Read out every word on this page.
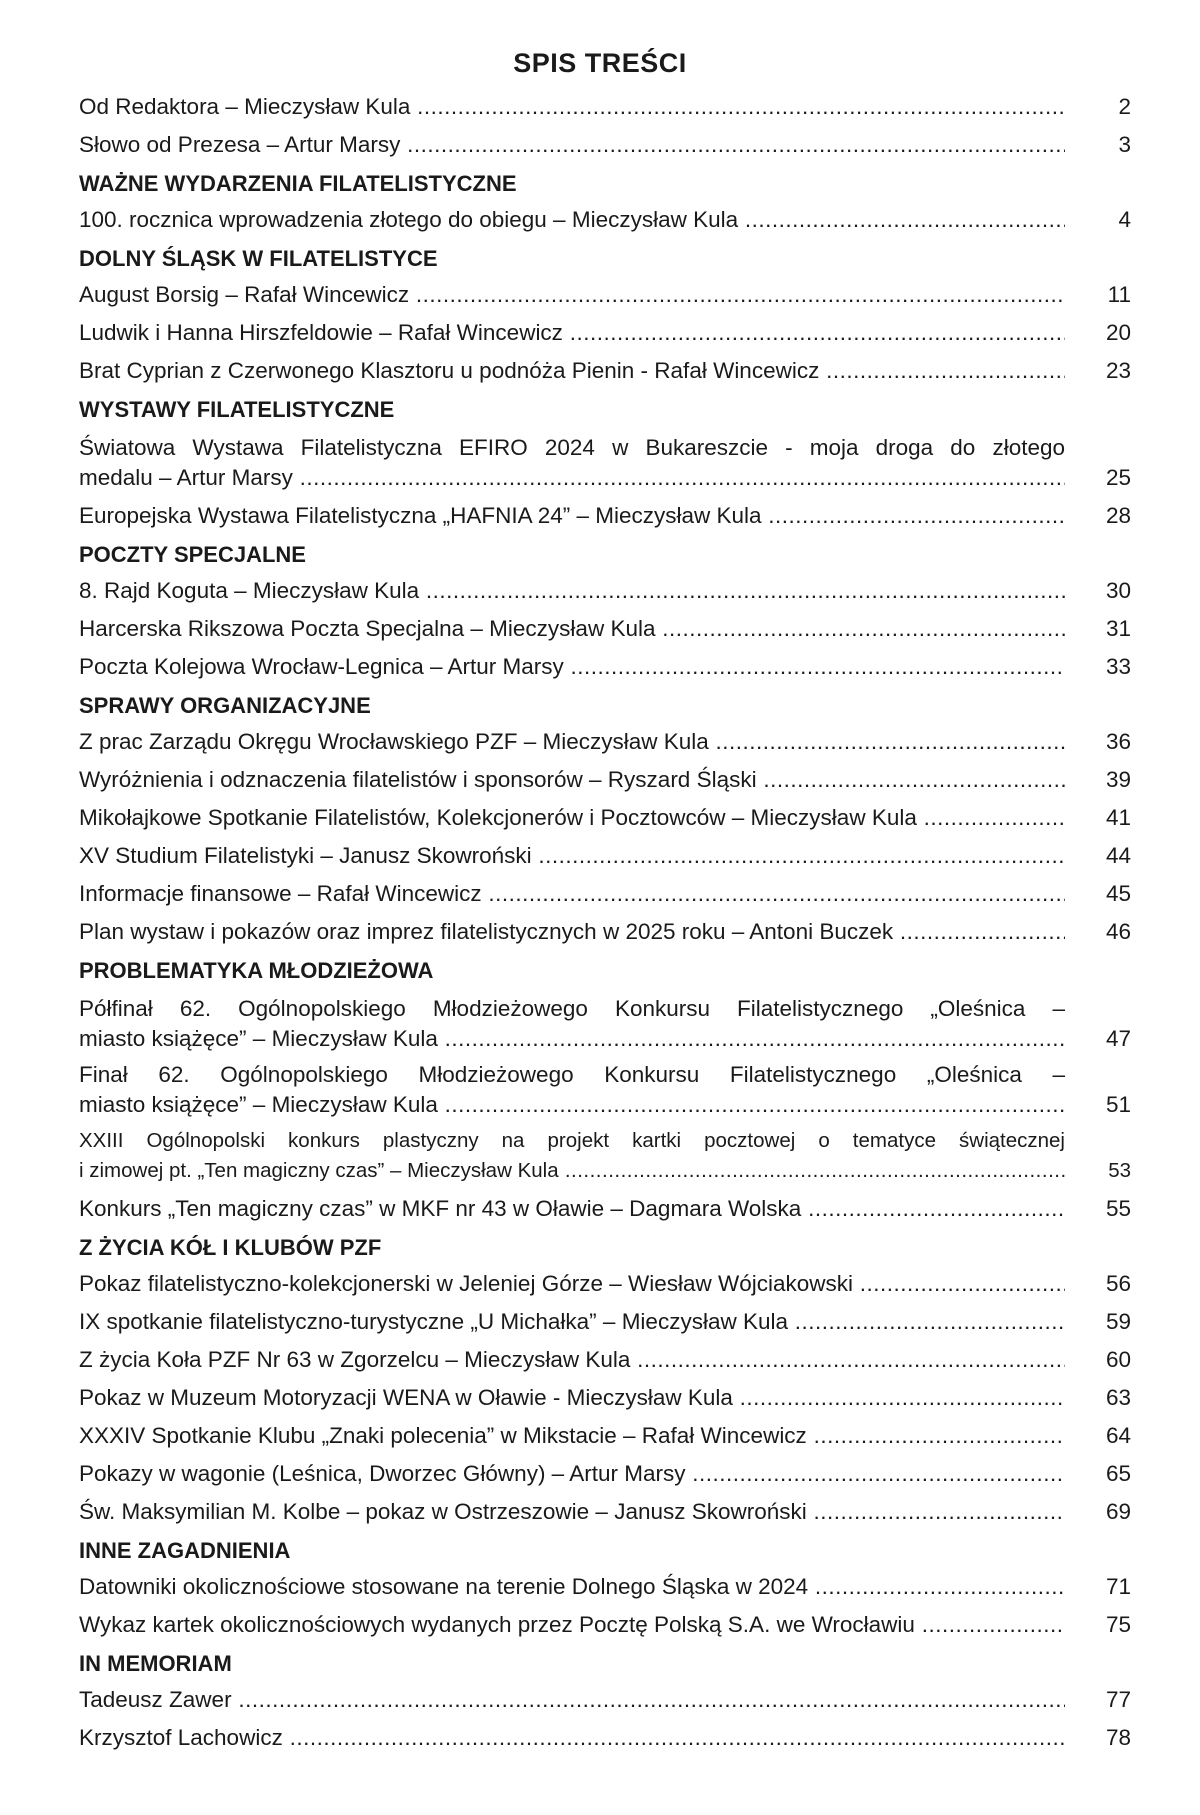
SPIS TREŚCI
Od Redaktora – Mieczysław Kula .....	2
Słowo od Prezesa – Artur Marsy .....	3
WAŻNE WYDARZENIA FILATELISTYCZNE
100. rocznica wprowadzenia złotego do obiegu – Mieczysław Kula .....	4
DOLNY ŚLĄSK W FILATELISTYCE
August Borsig – Rafał Wincewicz .....	11
Ludwik i Hanna Hirszfeldowie – Rafał Wincewicz .....	20
Brat Cyprian z Czerwonego Klasztoru u podnóża Pienin - Rafał Wincewicz .....	23
WYSTAWY FILATELISTYCZNE
Światowa Wystawa Filatelistyczna EFIRO 2024 w Bukareszcie - moja droga do złotego
medalu – Artur Marsy .....	25
Europejska Wystawa Filatelistyczna „HAFNIA 24” – Mieczysław Kula .....	28
POCZTY SPECJALNE
8. Rajd Koguta – Mieczysław Kula .....	30
Harcerska Rikszowa Poczta Specjalna – Mieczysław Kula .....	31
Poczta Kolejowa Wrocław-Legnica – Artur Marsy .....	33
SPRAWY ORGANIZACYJNE
Z prac Zarządu Okręgu Wrocławskiego PZF – Mieczysław Kula .....	36
Wyróżnienia i odznaczenia filatelistów i sponsorów – Ryszard Śląski .....	39
Mikołajkowe Spotkanie Filatelistów, Kolekcjonerów i Pocztowców – Mieczysław Kula .....	41
XV Studium Filatelistyki – Janusz Skowroński .....	44
Informacje finansowe – Rafał Wincewicz .....	45
Plan wystaw i pokazów oraz imprez filatelistycznych w 2025 roku – Antoni Buczek .....	46
PROBLEMATYKA MŁODZIEŻOWA
Półfinał 62. Ogólnopolskiego Młodzieżowego Konkursu Filatelistycznego „Oleśnica –
miasto książęce” – Mieczysław Kula .....	47
Finał 62. Ogólnopolskiego Młodzieżowego Konkursu Filatelistycznego „Oleśnica –
miasto książęce” – Mieczysław Kula .....	51
XXIII Ogólnopolski konkurs plastyczny na projekt kartki pocztowej o tematyce świątecznej
i zimowej pt. „Ten magiczny czas” – Mieczysław Kula .....	53
Konkurs „Ten magiczny czas” w MKF nr 43 w Oławie – Dagmara Wolska .....	55
Z ŻYCIA KÓŁ I KLUBÓW PZF
Pokaz filatelistyczno-kolekcjonerski w Jeleniej Górze – Wiesław Wójciakowski .....	56
IX spotkanie filatelistyczno-turystyczne „U Michałka” – Mieczysław Kula .....	59
Z życia Koła PZF Nr 63 w Zgorzelcu – Mieczysław Kula .....	60
Pokaz w Muzeum Motoryzacji WENA w Oławie - Mieczysław Kula .....	63
XXXIV Spotkanie Klubu „Znaki polecenia” w Mikstacie – Rafał Wincewicz .....	64
Pokazy w wagonie (Leśnica, Dworzec Główny) – Artur Marsy .....	65
Św. Maksymilian M. Kolbe – pokaz w Ostrzeszowie – Janusz Skowroński .....	69
INNE ZAGADNIENIA
Datowniki okolicznościowe stosowane na terenie Dolnego Śląska w 2024 .....	71
Wykaz kartek okolicznościowych wydanych przez Pocztę Polską S.A. we Wrocławiu .....	75
IN MEMORIAM
Tadeusz Zawer .....	77
Krzysztof Lachowicz .....	78
